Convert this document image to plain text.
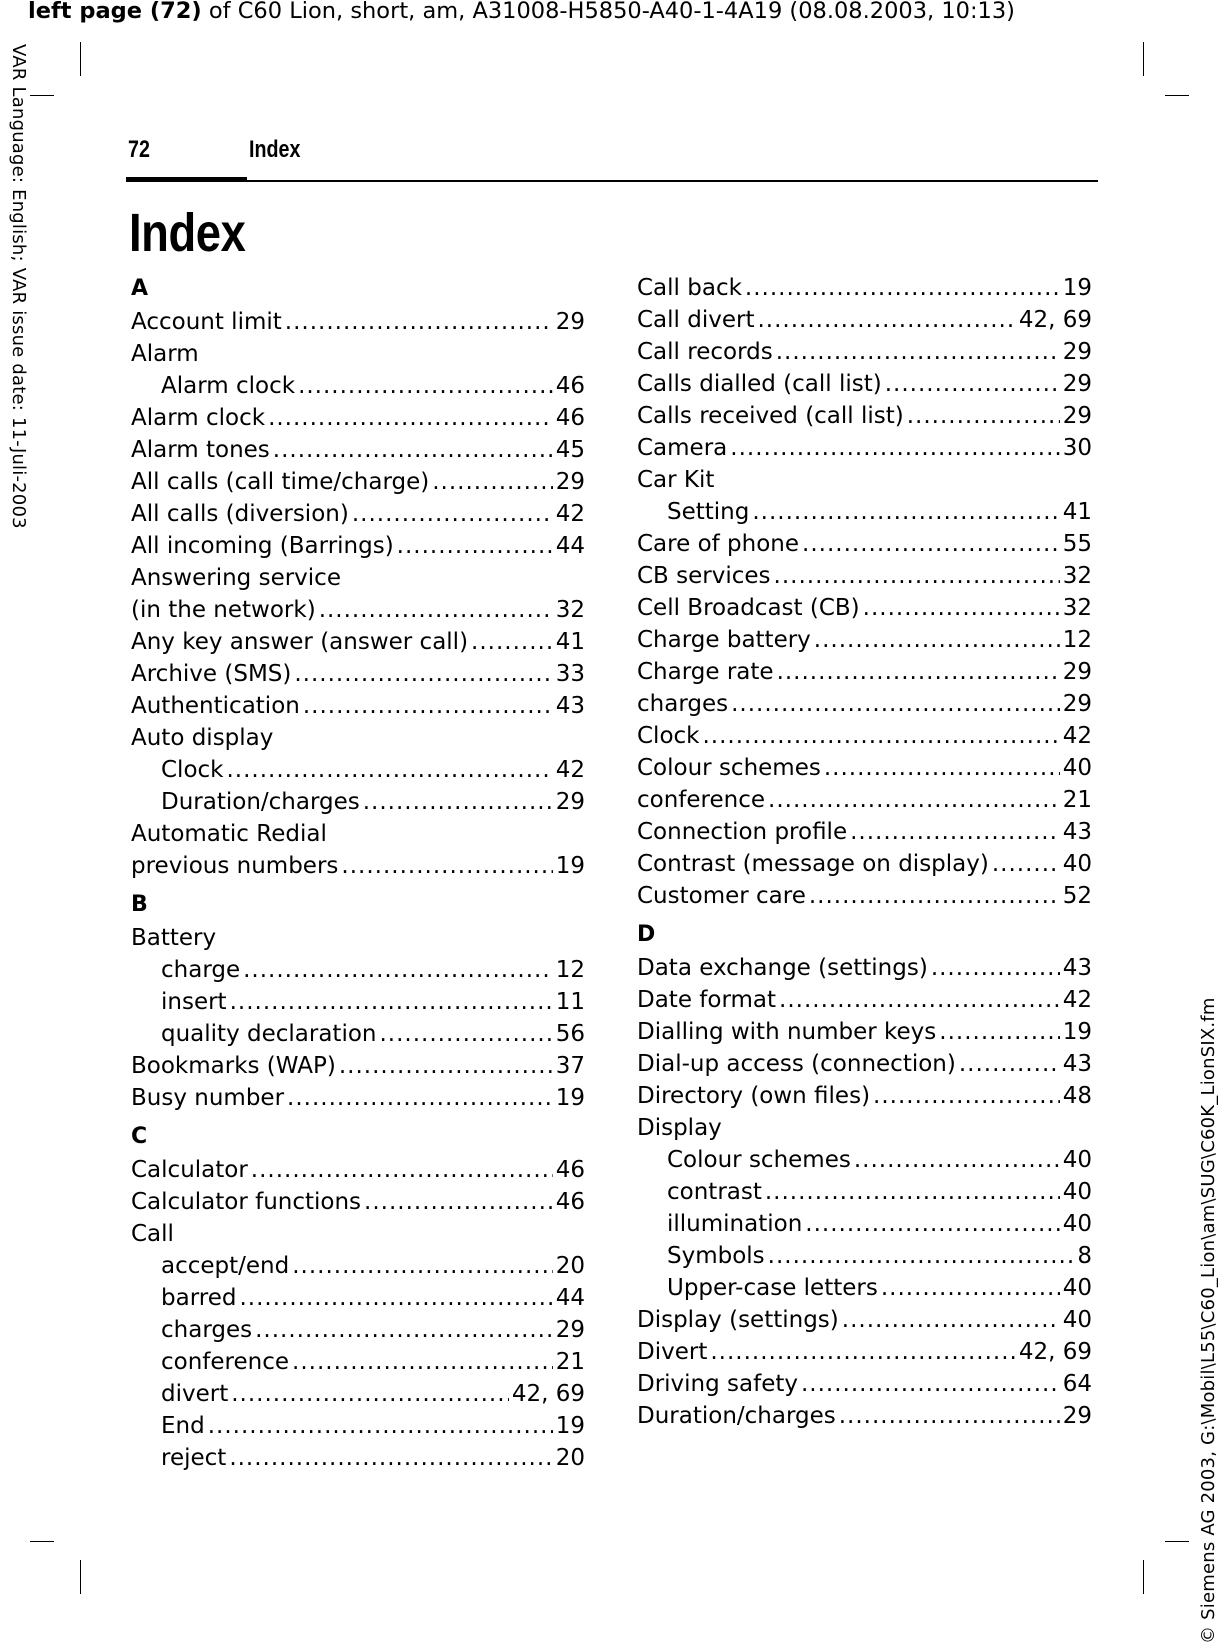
left page (72) of C60 Lion, short, am, A31008-H5850-A40-1-4A19 (08.08.2003, 10:13)
VAR Language: English; VAR issue date: 11-Juli-2003
© Siemens AG 2003, G:\Mobil\L55\C60_Lion\am\SUG\C60K_LionSIX.fm
72	Index
Index
A
Account limit .....	29
Alarm
Alarm clock .....	46
Alarm clock .....	46
Alarm tones .....	45
All calls (call time/charge) .....	29
All calls (diversion) .....	42
All incoming (Barrings) .....	44
Answering service
(in the network) .....	32
Any key answer (answer call) .....	41
Archive (SMS) .....	33
Authentication .....	43
Auto display
Clock .....	42
Duration/charges .....	29
Automatic Redial
previous numbers .....	19
B
Battery
charge .....	12
insert .....	11
quality declaration .....	56
Bookmarks (WAP) .....	37
Busy number .....	19
C
Calculator .....	46
Calculator functions .....	46
Call
accept/end .....	20
barred .....	44
charges .....	29
conference .....	21
divert .....	42, 69
End .....	19
reject .....	20
Call back .....	19
Call divert .....	42, 69
Call records .....	29
Calls dialled (call list) .....	29
Calls received (call list) .....	29
Camera .....	30
Car Kit
Setting .....	41
Care of phone .....	55
CB services .....	32
Cell Broadcast (CB) .....	32
Charge battery .....	12
Charge rate .....	29
charges .....	29
Clock .....	42
Colour schemes .....	40
conference .....	21
Connection profile .....	43
Contrast (message on display) .....	40
Customer care .....	52
D
Data exchange (settings) .....	43
Date format .....	42
Dialling with number keys .....	19
Dial-up access (connection) .....	43
Directory (own files) .....	48
Display
Colour schemes .....	40
contrast .....	40
illumination .....	40
Symbols .....	8
Upper-case letters .....	40
Display (settings) .....	40
Divert .....	42, 69
Driving safety .....	64
Duration/charges .....	29
